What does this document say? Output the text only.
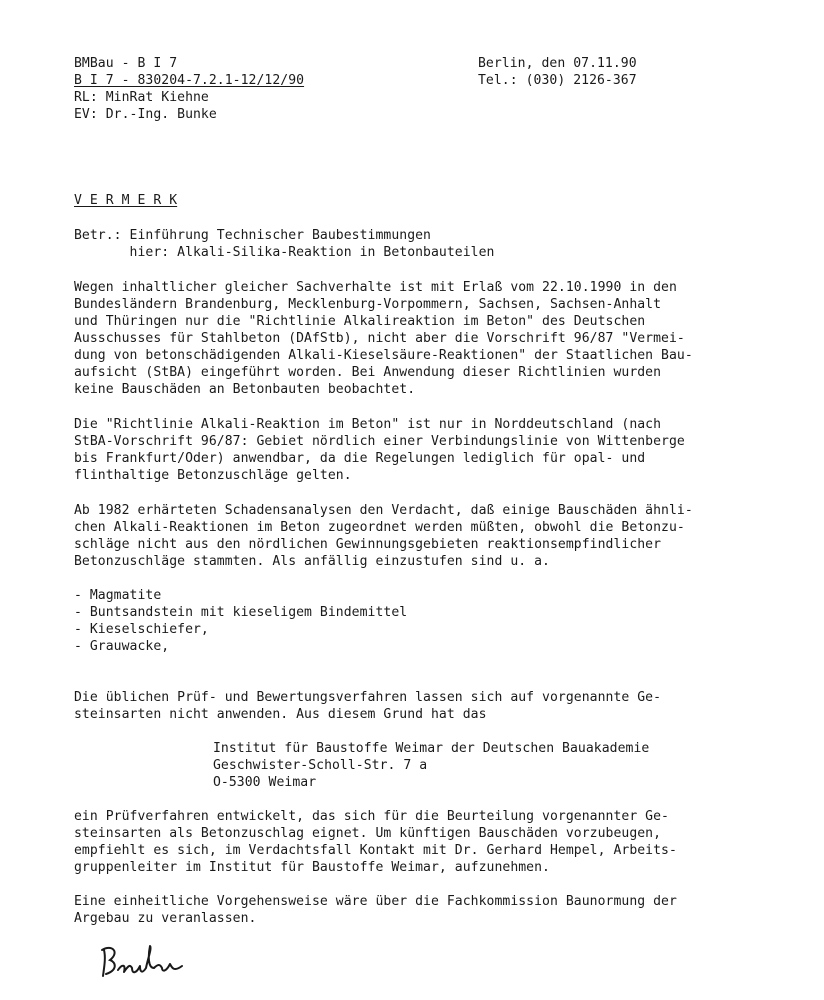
BMBau - B I 7
B I 7 - 830204-7.2.1-12/12/90
RL: MinRat Kiehne
EV: Dr.-Ing. Bunke
Berlin, den 07.11.90
Tel.: (030) 2126-367
V E R M E R K
Betr.: Einführung Technischer Baubestimmungen
hier: Alkali-Silika-Reaktion in Betonbauteilen
Wegen inhaltlicher gleicher Sachverhalte ist mit Erlaß vom 22.10.1990 in den
Bundesländern Brandenburg, Mecklenburg-Vorpommern, Sachsen, Sachsen-Anhalt
und Thüringen nur die "Richtlinie Alkalireaktion im Beton" des Deutschen
Ausschusses für Stahlbeton (DAfStb), nicht aber die Vorschrift 96/87 "Vermei-
dung von betonschädigenden Alkali-Kieselsäure-Reaktionen" der Staatlichen Bau-
aufsicht (StBA) eingeführt worden. Bei Anwendung dieser Richtlinien wurden
keine Bauschäden an Betonbauten beobachtet.
Die "Richtlinie Alkali-Reaktion im Beton" ist nur in Norddeutschland (nach
StBA-Vorschrift 96/87: Gebiet nördlich einer Verbindungslinie von Wittenberge
bis Frankfurt/Oder) anwendbar, da die Regelungen lediglich für opal- und
flinthaltige Betonzuschläge gelten.
Ab 1982 erhärteten Schadensanalysen den Verdacht, daß einige Bauschäden ähnli-
chen Alkali-Reaktionen im Beton zugeordnet werden müßten, obwohl die Betonzu-
schläge nicht aus den nördlichen Gewinnungsgebieten reaktionsempfindlicher
Betonzuschläge stammten. Als anfällig einzustufen sind u. a.
- Magmatite
- Buntsandstein mit kieseligem Bindemittel
- Kieselschiefer,
- Grauwacke,
Die üblichen Prüf- und Bewertungsverfahren lassen sich auf vorgenannte Ge-
steinsarten nicht anwenden. Aus diesem Grund hat das
Institut für Baustoffe Weimar der Deutschen Bauakademie
Geschwister-Scholl-Str. 7 a
O-5300 Weimar
ein Prüfverfahren entwickelt, das sich für die Beurteilung vorgenannter Ge-
steinsarten als Betonzuschlag eignet. Um künftigen Bauschäden vorzubeugen,
empfiehlt es sich, im Verdachtsfall Kontakt mit Dr. Gerhard Hempel, Arbeits-
gruppenleiter im Institut für Baustoffe Weimar, aufzunehmen.
Eine einheitliche Vorgehensweise wäre über die Fachkommission Baunormung der
Argebau zu veranlassen.
